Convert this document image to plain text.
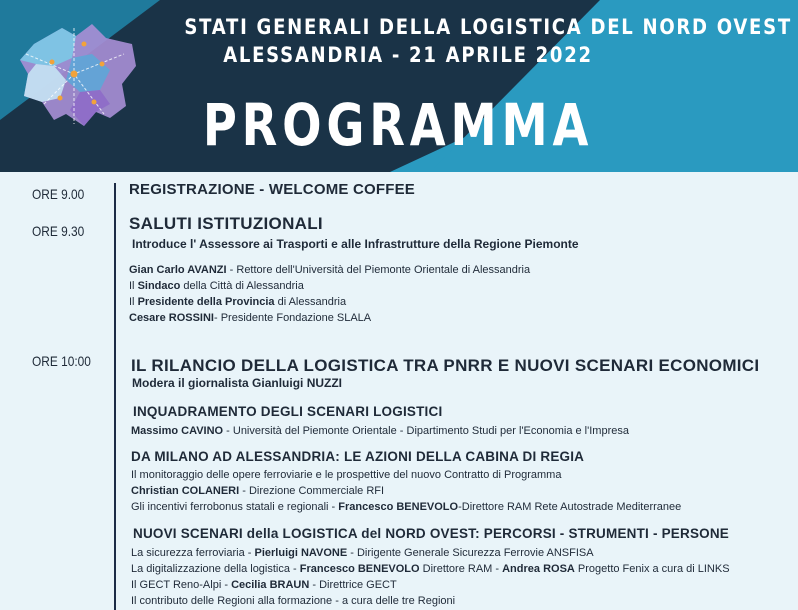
STATI GENERALI DELLA LOGISTICA DEL NORD OVEST
ALESSANDRIA - 21 APRILE 2022
PROGRAMMA
ORE 9.00	REGISTRAZIONE - WELCOME COFFEE
ORE 9.30	SALUTI ISTITUZIONALI
Introduce l' Assessore ai Trasporti e alle Infrastrutture della Regione Piemonte
Gian Carlo AVANZI - Rettore dell'Università del Piemonte Orientale di Alessandria
Il Sindaco della Città di Alessandria
Il Presidente della Provincia di Alessandria
Cesare ROSSINI- Presidente Fondazione SLALA
ORE 10:00 IL RILANCIO DELLA LOGISTICA TRA PNRR E NUOVI SCENARI ECONOMICI
Modera il giornalista Gianluigi NUZZI
INQUADRAMENTO DEGLI SCENARI LOGISTICI
Massimo CAVINO - Università del Piemonte Orientale - Dipartimento Studi per l'Economia e l'Impresa
DA MILANO AD ALESSANDRIA: LE AZIONI DELLA CABINA DI REGIA
Il monitoraggio delle opere ferroviarie e le prospettive del nuovo Contratto di Programma
Christian COLANERI - Direzione Commerciale RFI
Gli incentivi ferrobonus statali e regionali - Francesco BENEVOLO-Direttore RAM Rete Autostrade Mediterranee
NUOVI SCENARI della LOGISTICA del NORD OVEST: PERCORSI - STRUMENTI - PERSONE
La sicurezza ferroviaria - Pierluigi NAVONE - Dirigente Generale Sicurezza Ferrovie ANSFISA
La digitalizzazione della logistica - Francesco BENEVOLO Direttore RAM - Andrea ROSA Progetto Fenix a cura di LINKS
Il GECT Reno-Alpi - Cecilia BRAUN - Direttrice GECT
Il contributo delle Regioni alla formazione - a cura delle tre Regioni
